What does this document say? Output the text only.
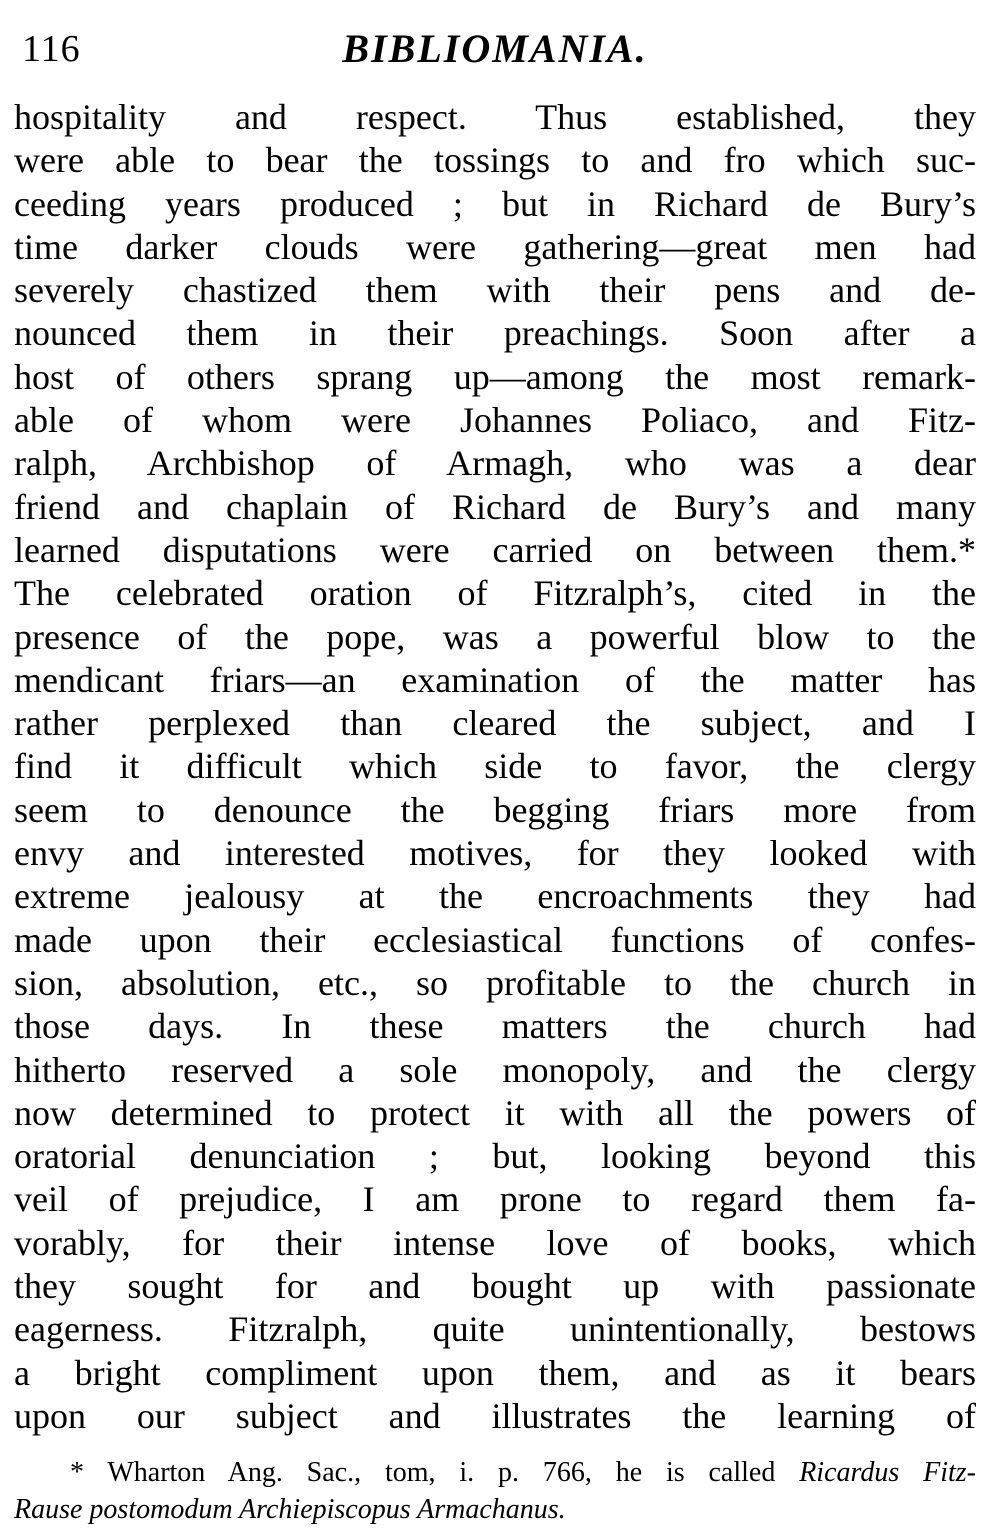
116	BIBLIOMANIA.
hospitality and respect. Thus established, they
were able to bear the tossings to and fro which suc-
ceeding years produced ; but in Richard de Bury’s
time darker clouds were gathering—great men had
severely chastized them with their pens and de-
nounced them in their preachings. Soon after a
host of others sprang up—among the most remark-
able of whom were Johannes Poliaco, and Fitz-
ralph, Archbishop of Armagh, who was a dear
friend and chaplain of Richard de Bury’s and many
learned disputations were carried on between them.*
The celebrated oration of Fitzralph’s, cited in the
presence of the pope, was a powerful blow to the
mendicant friars—an examination of the matter has
rather perplexed than cleared the subject, and I
find it difficult which side to favor, the clergy
seem to denounce the begging friars more from
envy and interested motives, for they looked with
extreme jealousy at the encroachments they had
made upon their ecclesiastical functions of confes-
sion, absolution, etc., so profitable to the church in
those days. In these matters the church had
hitherto reserved a sole monopoly, and the clergy
now determined to protect it with all the powers of
oratorial denunciation ; but, looking beyond this
veil of prejudice, I am prone to regard them fa-
vorably, for their intense love of books, which
they sought for and bought up with passionate
eagerness. Fitzralph, quite unintentionally, bestows
a bright compliment upon them, and as it bears
upon our subject and illustrates the learning of
* Wharton Ang. Sac., tom, i. p. 766, he is called Ricardus Fitz-
Rause postomodum Archiepiscopus Armachanus.
